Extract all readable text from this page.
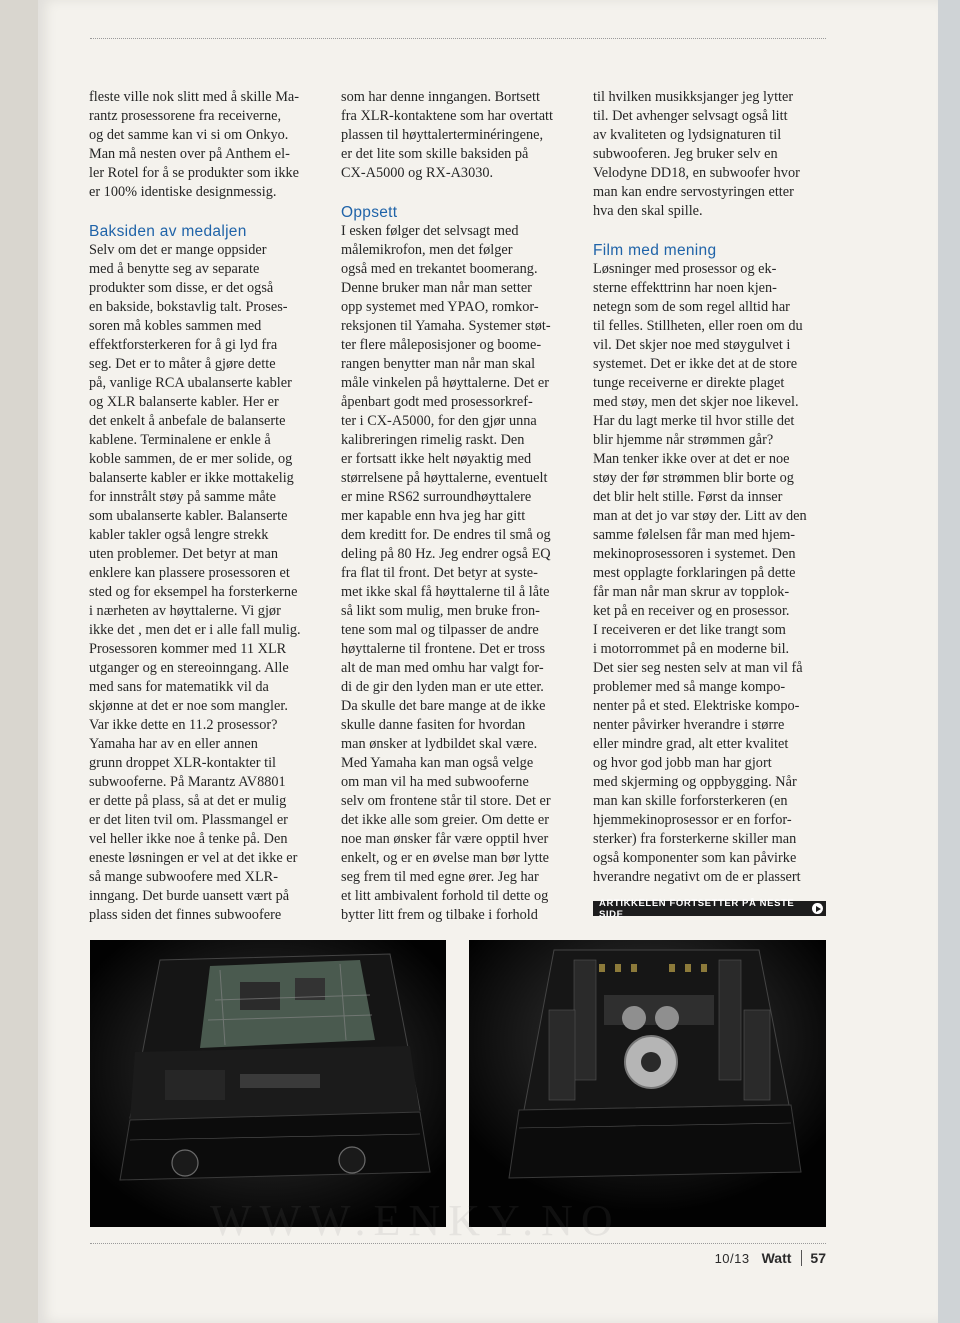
fleste ville nok slitt med å skille Ma-
rantz prosessorene fra receiverne,
og det samme kan vi si om Onkyo.
Man må nesten over på Anthem el-
ler Rotel for å se produkter som ikke
er 100% identiske designmessig.

Baksiden av medaljen

Selv om det er mange oppsider
med å benytte seg av separate
produkter som disse, er det også
en bakside, bokstavlig talt. Proses-
soren må kobles sammen med
effektforsterkeren for å gi lyd fra
seg. Det er to måter å gjøre dette
på, vanlige RCA ubalanserte kabler
og XLR balanserte kabler. Her er
det enkelt å anbefale de balanserte
kablene. Terminalene er enkle å
koble sammen, de er mer solide, og
balanserte kabler er ikke mottakelig
for innstrålt støy på samme måte
som ubalanserte kabler. Balanserte
kabler takler også lengre strekk
uten problemer. Det betyr at man
enklere kan plassere prosessoren et
sted og for eksempel ha forsterkerne
i nærheten av høyttalerne. Vi gjør
ikke det , men det er i alle fall mulig.
Prosessoren kommer med 11 XLR
utganger og en stereoinngang. Alle
med sans for matematikk vil da
skjønne at det er noe som mangler.
Var ikke dette en 11.2 prosessor?
Yamaha har av en eller annen
grunn droppet XLR-kontakter til
subwooferne. På Marantz AV8801
er dette på plass, så at det er mulig
er det liten tvil om. Plassmangel er
vel heller ikke noe å tenke på. Den
eneste løsningen er vel at det ikke er
så mange subwoofere med XLR-
inngang. Det burde uansett vært på
plass siden det finnes subwoofere

som har denne inngangen. Bortsett
fra XLR-kontaktene som har overtatt
plassen til høyttalerterminéringene,
er det lite som skille baksiden på
CX-A5000 og RX-A3030.

Oppsett

I esken følger det selvsagt med
målemikrofon, men det følger
også med en trekantet boomerang.
Denne bruker man når man setter
opp systemet med YPAO, romkor-
reksjonen til Yamaha. Systemer støt-
ter flere måleposisjoner og boome-
rangen benytter man når man skal
måle vinkelen på høyttalerne. Det er
åpenbart godt med prosessorkref-
ter i CX-A5000, for den gjør unna
kalibreringen rimelig raskt. Den
er fortsatt ikke helt nøyaktig med
størrelsene på høyttalerne, eventuelt
er mine RS62 surroundhøyttalere
mer kapable enn hva jeg har gitt
dem kreditt for. De endres til små og
deling på 80 Hz. Jeg endrer også EQ
fra flat til front. Det betyr at syste-
met ikke skal få høyttalerne til å låte
så likt som mulig, men bruke fron-
tene som mal og tilpasser de andre
høyttalerne til frontene. Det er tross
alt de man med omhu har valgt for-
di de gir den lyden man er ute etter.
Da skulle det bare mange at de ikke
skulle danne fasiten for hvordan
man ønsker at lydbildet skal være.
Med Yamaha kan man også velge
om man vil ha med subwooferne
selv om frontene står til store. Det er
det ikke alle som greier. Om dette er
noe man ønsker får være opptil hver
enkelt, og er en øvelse man bør lytte
seg frem til med egne ører. Jeg har
et litt ambivalent forhold til dette og
bytter litt frem og tilbake i forhold

til hvilken musikksjanger jeg lytter
til. Det avhenger selvsagt også litt
av kvaliteten og lydsignaturen til
subwooferen. Jeg bruker selv en
Velodyne DD18, en subwoofer hvor
man kan endre servostyringen etter
hva den skal spille.

Film med mening

Løsninger med prosessor og ek-
sterne effekttrinn har noen kjen-
netegn som de som regel alltid har
til felles. Stillheten, eller roen om du
vil. Det skjer noe med støygulvet i
systemet. Det er ikke det at de store
tunge receiverne er direkte plaget
med støy, men det skjer noe likevel.
Har du lagt merke til hvor stille det
blir hjemme når strømmen går?
Man tenker ikke over at det er noe
støy der før strømmen blir borte og
det blir helt stille. Først da innser
man at det jo var støy der. Litt av den
samme følelsen får man med hjem-
mekinoprosessoren i systemet. Den
mest opplagte forklaringen på dette
får man når man skrur av topplok-
ket på en receiver og en prosessor.
I receiveren er det like trangt som
i motorrommet på en moderne bil.
Det sier seg nesten selv at man vil få
problemer med så mange kompo-
nenter på et sted. Elektriske kompo-
nenter påvirker hverandre i større
eller mindre grad, alt etter kvalitet
og hvor god jobb man har gjort
med skjerming og oppbygging. Når
man kan skille forforsterkeren (en
hjemmekinoprosessor er en forfor-
sterker) fra forsterkerne skiller man
også komponenter som kan påvirke
hverandre negativt om de er plassert

ARTIKKELEN FORTSETTER PÅ NESTE SIDE
WWW.ENKY.NO
10/13 Watt 57
